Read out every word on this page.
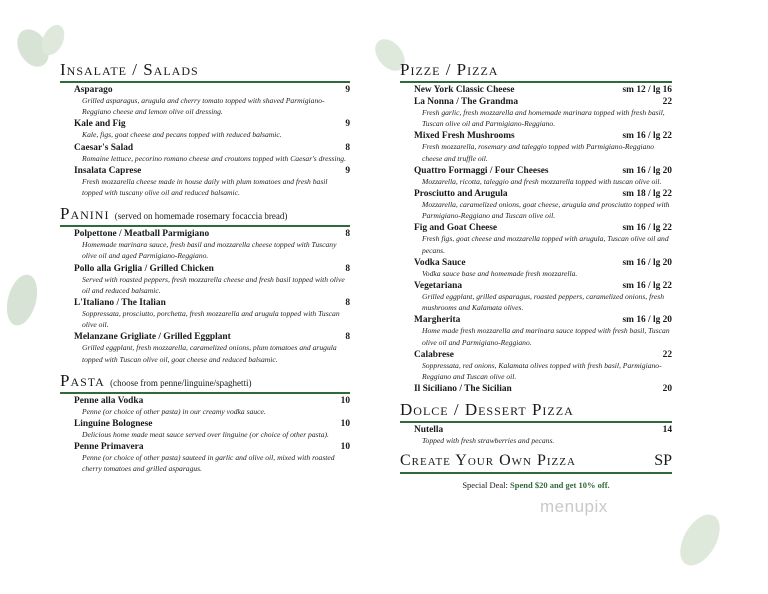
Insalate / Salads
Asparago	9
Grilled asparagus, arugula and cherry tomato topped with shaved Parmigiano-Reggiano cheese and lemon olive oil dressing.
Kale and Fig	9
Kale, figs, goat cheese and pecans topped with reduced balsamic.
Caesar's Salad	8
Romaine lettuce, pecorino romano cheese and croutons topped with Caesar's dressing.
Insalata Caprese	9
Fresh mozzarella cheese made in house daily with plum tomatoes and fresh basil topped with tuscany olive oil and reduced balsamic.
Panini (served on homemade rosemary focaccia bread)
Polpettone / Meatball Parmigiano	8
Homemade marinara sauce, fresh basil and mozzarella cheese topped with Tuscany olive oil and aged Parmigiano-Reggiano.
Pollo alla Griglia / Grilled Chicken	8
Served with roasted peppers, fresh mozzarella cheese and fresh basil topped with olive oil and reduced balsamic.
L'Italiano / The Italian	8
Soppressata, prosciutto, porchetta, fresh mozzarella and arugula topped with Tuscan olive oil.
Melanzane Grigliate / Grilled Eggplant	8
Grilled eggplant, fresh mozzarella, caramelized onions, plum tomatoes and arugula topped with Tuscan olive oil, goat cheese and reduced balsamic.
Pasta (choose from penne/linguine/spaghetti)
Penne alla Vodka	10
Penne (or choice of other pasta) in our creamy vodka sauce.
Linguine Bolognese	10
Delicious home made meat sauce served over linguine (or choice of other pasta).
Penne Primavera	10
Penne (or choice of other pasta) sauteed in garlic and olive oil, mixed with roasted cherry tomatoes and grilled asparagus.
Pizze / Pizza
New York Classic Cheese	sm 12 / lg 16
La Nonna / The Grandma	22
Fresh garlic, fresh mozzarella and homemade marinara topped with fresh basil, Tuscan olive oil and Parmigiano-Reggiano.
Mixed Fresh Mushrooms	sm 16 / lg 22
Fresh mozzarella, rosemary and taleggio topped with Parmigiano-Reggiano cheese and truffle oil.
Quattro Formaggi / Four Cheeses	sm 16 / lg 20
Mozzarella, ricotta, taleggio and fresh mozzarella topped with tuscan olive oil.
Prosciutto and Arugula	sm 18 / lg 22
Mozzarella, caramelized onions, goat cheese, arugula and prosciutto topped with Parmigiano-Reggiano and Tuscan olive oil.
Fig and Goat Cheese	sm 16 / lg 22
Fresh figs, goat cheese and mozzarella topped with arugula, Tuscan olive oil and pecans.
Vodka Sauce	sm 16 / lg 20
Vodka sauce base and homemade fresh mozzarella.
Vegetariana	sm 16 / lg 22
Grilled eggplant, grilled asparagus, roasted peppers, caramelized onions, fresh mushrooms and Kalamata olives.
Margherita	sm 16 / lg 20
Home made fresh mozzarella and marinara sauce topped with fresh basil, Tuscan olive oil and Parmigiano-Reggiano.
Calabrese	22
Soppressata, red onions, Kalamata olives topped with fresh basil, Parmigiano-Reggiano and Tuscan olive oil.
Il Siciliano / The Sicilian	20
Dolce / Dessert Pizza
Nutella	14
Topped with fresh strawberries and pecans.
Create Your Own Pizza	SP
Special Deal: Spend $20 and get 10% off.
menupix
